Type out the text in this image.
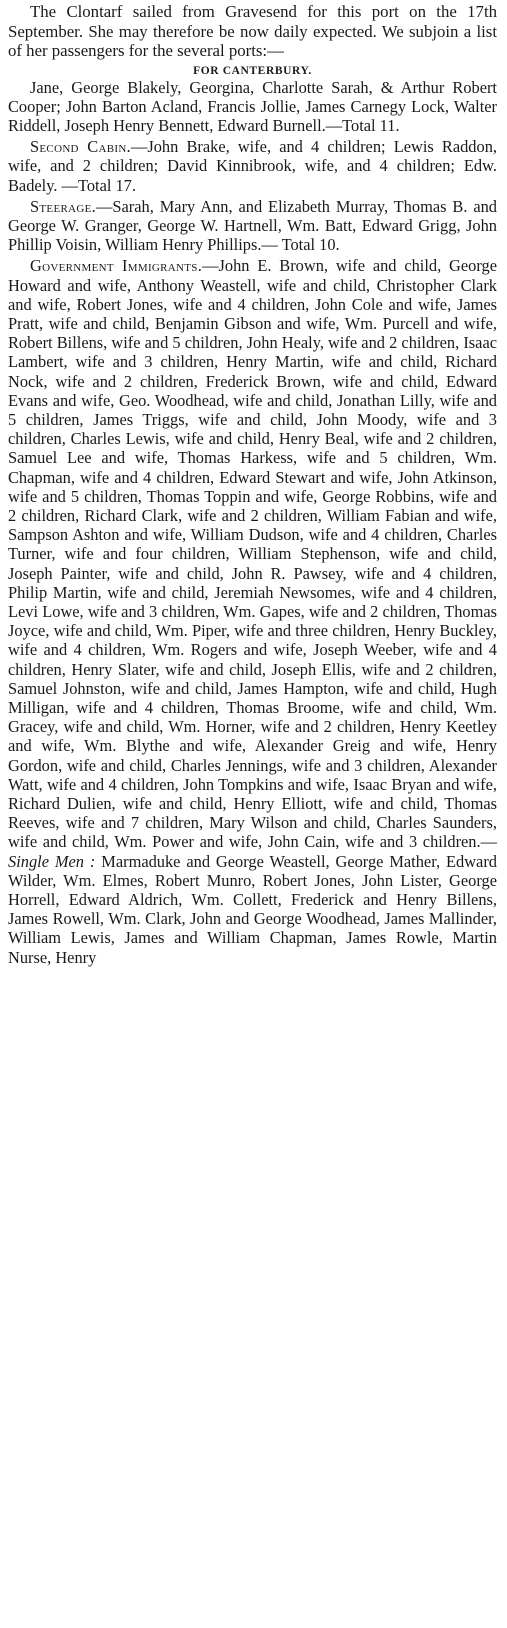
The Clontarf sailed from Gravesend for this port on the 17th September. She may therefore be now daily expected. We subjoin a list of her passengers for the several ports:—

FOR CANTERBURY.

Jane, George Blakely, Georgina, Charlotte Sarah, & Arthur Robert Cooper; John Barton Acland, Francis Jollie, James Carnegy Lock, Walter Riddell, Joseph Henry Bennett, Edward Burnell.—Total 11.

Second Cabin.—John Brake, wife, and 4 children; Lewis Raddon, wife, and 2 children; David Kinnibrook, wife, and 4 children; Edw. Badely. —Total 17.

Steerage.—Sarah, Mary Ann, and Elizabeth Murray, Thomas B. and George W. Granger, George W. Hartnell, Wm. Batt, Edward Grigg, John Phillip Voisin, William Henry Phillips.— Total 10.

Government Immigrants.—John E. Brown, wife and child, George Howard and wife, Anthony Weastell, wife and child, Christopher Clark and wife, Robert Jones, wife and 4 children, John Cole and wife, James Pratt, wife and child, Benjamin Gibson and wife, Wm. Purcell and wife, Robert Billens, wife and 5 children, John Healy, wife and 2 children, Isaac Lambert, wife and 3 children, Henry Martin, wife and child, Richard Nock, wife and 2 children, Frederick Brown, wife and child, Edward Evans and wife, Geo. Woodhead, wife and child, Jonathan Lilly, wife and 5 children, James Triggs, wife and child, John Moody, wife and 3 children, Charles Lewis, wife and child, Henry Beal, wife and 2 children, Samuel Lee and wife, Thomas Harkess, wife and 5 children, Wm. Chapman, wife and 4 children, Edward Stewart and wife, John Atkinson, wife and 5 children, Thomas Toppin and wife, George Robbins, wife and 2 children, Richard Clark, wife and 2 children, William Fabian and wife, Sampson Ashton and wife, William Dudson, wife and 4 children, Charles Turner, wife and four children, William Stephenson, wife and child, Joseph Painter, wife and child, John R. Pawsey, wife and 4 children, Philip Martin, wife and child, Jeremiah Newsomes, wife and 4 children, Levi Lowe, wife and 3 children, Wm. Gapes, wife and 2 children, Thomas Joyce, wife and child, Wm. Piper, wife and three children, Henry Buckley, wife and 4 children, Wm. Rogers and wife, Joseph Weeber, wife and 4 children, Henry Slater, wife and child, Joseph Ellis, wife and 2 children, Samuel Johnston, wife and child, James Hampton, wife and child, Hugh Milligan, wife and 4 children, Thomas Broome, wife and child, Wm. Gracey, wife and child, Wm. Horner, wife and 2 children, Henry Keetley and wife, Wm. Blythe and wife, Alexander Greig and wife, Henry Gordon, wife and child, Charles Jennings, wife and 3 children, Alexander Watt, wife and 4 children, John Tompkins and wife, Isaac Bryan and wife, Richard Dulien, wife and child, Henry Elliott, wife and child, Thomas Reeves, wife and 7 children, Mary Wilson and child, Charles Saunders, wife and child, Wm. Power and wife, John Cain, wife and 3 children.—Single Men : Marmaduke and George Weastell, George Mather, Edward Wilder, Wm. Elmes, Robert Munro, Robert Jones, John Lister, George Horrell, Edward Aldrich, Wm. Collett, Frederick and Henry Billens, James Rowell, Wm. Clark, John and George Woodhead, James Mallinder, William Lewis, James and William Chapman, James Rowle, Martin Nurse, Henry
